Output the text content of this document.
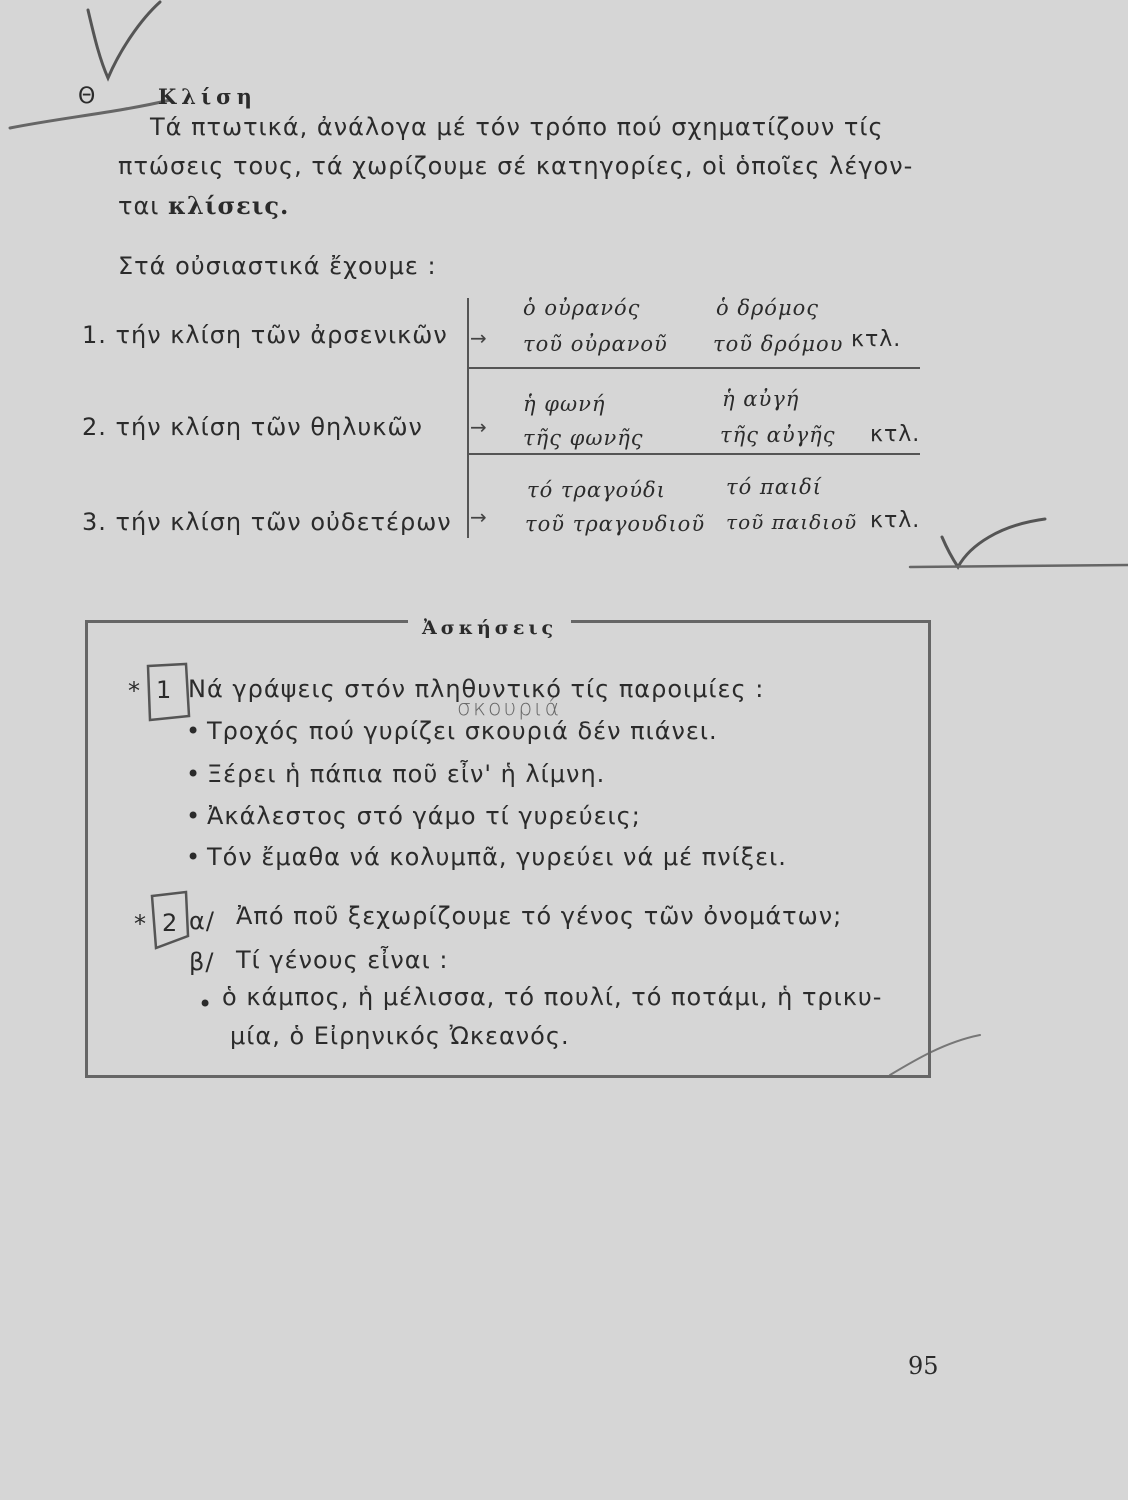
Θ	Κλίση
Τά πτωτικά, ἀνάλογα μέ τόν τρόπο πού σχηματίζουν τίς
πτώσεις τους, τά χωρίζουμε σέ κατηγορίες, οἱ ὁποῖες λέγον-
ται κλίσεις.
Στά οὐσιαστικά ἔχουμε :
1. τήν κλίση τῶν ἀρσενικῶν →
ὁ οὐρανός
τοῦ οὐρανοῦ
ὁ δρόμος
τοῦ δρόμου κτλ.
2. τήν κλίση τῶν θηλυκῶν →
ἡ φωνή
τῆς φωνῆς
ἡ αὐγή
τῆς αὐγῆς κτλ.
3. τήν κλίση τῶν οὐδετέρων →
τό τραγούδι
τοῦ τραγουδιοῦ
τό παιδί
τοῦ παιδιοῦ κτλ.
Ἀσκήσεις
* 1 Νά γράψεις στόν πληθυντικό τίς παροιμίες :
σκουριά
• Τροχός πού γυρίζει σκουριά δέν πιάνει.
• Ξέρει ἡ πάπια ποῦ εἶν' ἡ λίμνη.
• Ἀκάλεστος στό γάμο τί γυρεύεις;
• Τόν ἔμαθα νά κολυμπᾶ, γυρεύει νά μέ πνίξει.
* 2 α/ Ἀπό ποῦ ξεχωρίζουμε τό γένος τῶν ὀνομάτων;
β/ Τί γένους εἶναι :
• ὁ κάμπος, ἡ μέλισσα, τό πουλί, τό ποτάμι, ἡ τρικυ-
μία, ὁ Εἰρηνικός Ὠκεανός.
95
